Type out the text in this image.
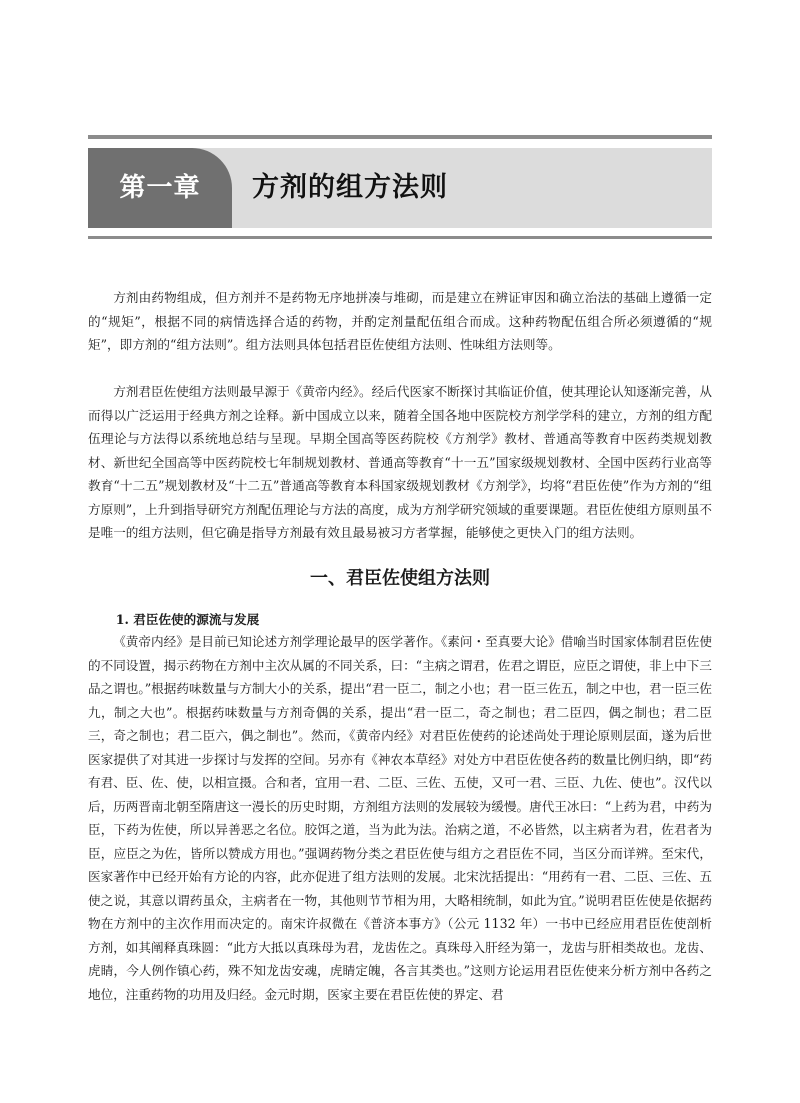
第一章	方剂的组方法则

方剂由药物组成，但方剂并不是药物无序地拼凑与堆砌，而是建立在辨证审因和确立治法的基础上遵循一定的“规矩”，根据不同的病情选择合适的药物，并酌定剂量配伍组合而成。这种药物配伍组合所必须遵循的“规矩”，即方剂的“组方法则”。组方法则具体包括君臣佐使组方法则、性味组方法则等。

方剂君臣佐使组方法则最早源于《黄帝内经》。经后代医家不断探讨其临证价值，使其理论认知逐渐完善，从而得以广泛运用于经典方剂之诠释。新中国成立以来，随着全国各地中医院校方剂学学科的建立，方剂的组方配伍理论与方法得以系统地总结与呈现。早期全国高等医药院校《方剂学》教材、普通高等教育中医药类规划教材、新世纪全国高等中医药院校七年制规划教材、普通高等教育“十一五”国家级规划教材、全国中医药行业高等教育“十二五”规划教材及“十二五”普通高等教育本科国家级规划教材《方剂学》，均将“君臣佐使”作为方剂的“组方原则”，上升到指导研究方剂配伍理论与方法的高度，成为方剂学研究领域的重要课题。君臣佐使组方原则虽不是唯一的组方法则，但它确是指导方剂最有效且最易被习方者掌握，能够使之更快入门的组方法则。

一、君臣佐使组方法则
1. 君臣佐使的源流与发展

《黄帝内经》是目前已知论述方剂学理论最早的医学著作。《素问・至真要大论》借喻当时国家体制君臣佐使的不同设置，揭示药物在方剂中主次从属的不同关系，曰：“主病之谓君，佐君之谓臣，应臣之谓使，非上中下三品之谓也。”根据药味数量与方制大小的关系，提出“君一臣二，制之小也；君一臣三佐五，制之中也，君一臣三佐九，制之大也”。根据药味数量与方剂奇偶的关系，提出“君一臣二，奇之制也；君二臣四，偶之制也；君二臣三，奇之制也；君二臣六，偶之制也”。然而，《黄帝内经》对君臣佐使药的论述尚处于理论原则层面，遂为后世医家提供了对其进一步探讨与发挥的空间。另亦有《神农本草经》对处方中君臣佐使各药的数量比例归纳，即“药有君、臣、佐、使，以相宣摄。合和者，宜用一君、二臣、三佐、五使，又可一君、三臣、九佐、使也”。汉代以后，历两晋南北朝至隋唐这一漫长的历史时期，方剂组方法则的发展较为缓慢。唐代王冰曰：“上药为君，中药为臣，下药为佐使，所以异善恶之名位。胶饵之道，当为此为法。治病之道，不必皆然，以主病者为君，佐君者为臣，应臣之为佐，皆所以赞成方用也。”强调药物分类之君臣佐使与组方之君臣佐不同，当区分而详辨。至宋代，医家著作中已经开始有方论的内容，此亦促进了组方法则的发展。北宋沈括提出：“用药有一君、二臣、三佐、五使之说，其意以谓药虽众，主病者在一物，其他则节节相为用，大略相统制，如此为宜。”说明君臣佐使是依据药物在方剂中的主次作用而决定的。南宋许叔微在《普济本事方》（公元 1132 年）一书中已经应用君臣佐使剖析方剂，如其阐释真珠圆：“此方大抵以真珠母为君，龙齿佐之。真珠母入肝经为第一，龙齿与肝相类故也。龙齿、虎睛，今人例作镇心药，殊不知龙齿安魂，虎睛定魄，各言其类也。”这则方论运用君臣佐使来分析方剂中各药之地位，注重药物的功用及归经。金元时期，医家主要在君臣佐使的界定、君
